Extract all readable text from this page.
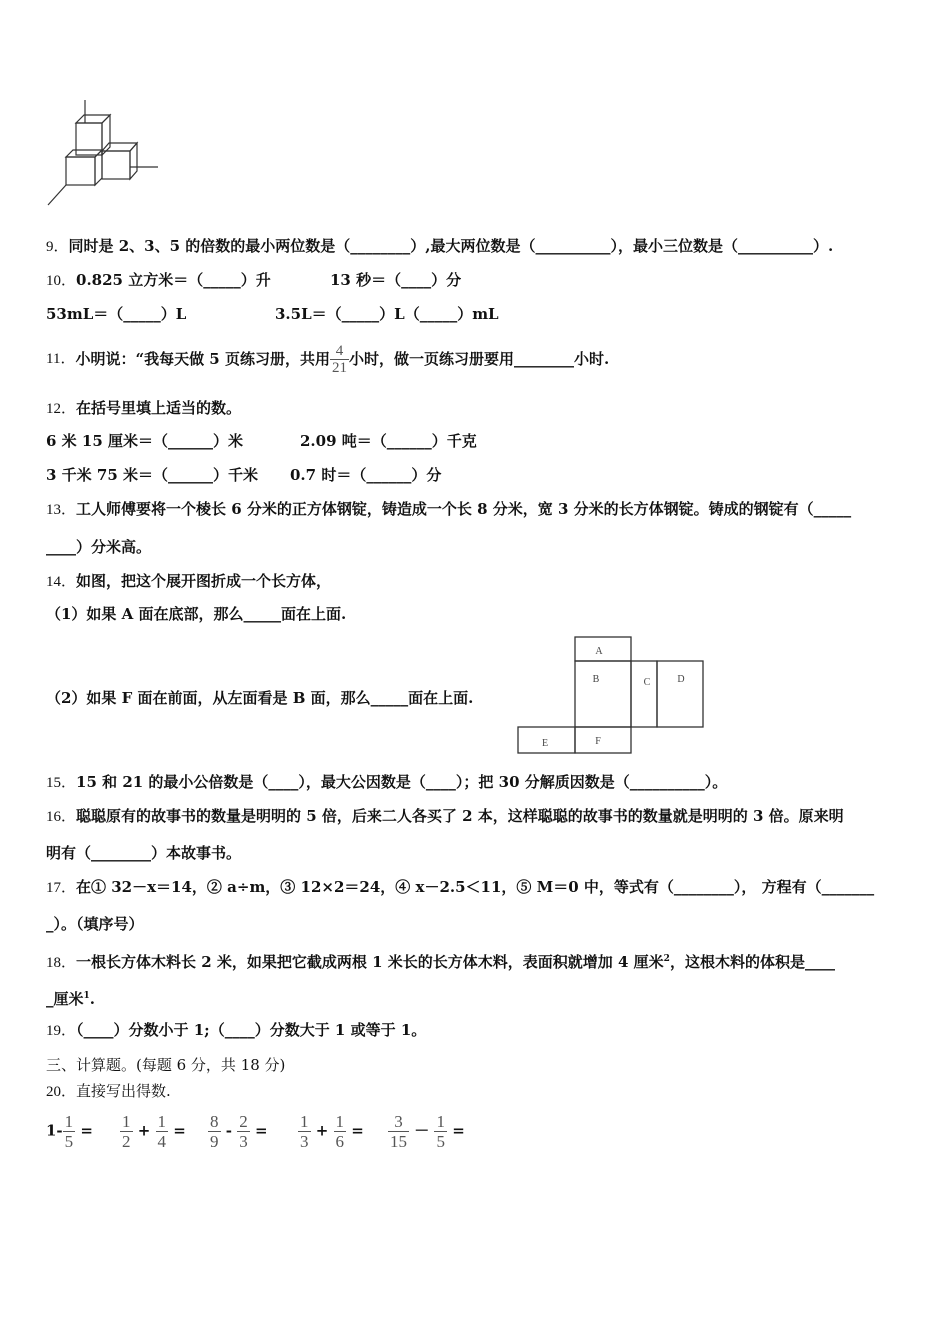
9．同时是 2、3、5 的倍数的最小两位数是（________）,最大两位数是（__________），最小三位数是（__________）.
10．0.825 立方米＝（_____）升	13 秒＝（____）分
53mL＝（_____）L	3.5L＝（_____）L（_____）mL
11． 小明说：“我每天做 5 页练习册，共用 $\frac{4}{21}$ 小时，做一页练习册要用________小时.
12．在括号里填上适当的数。
6 米 15 厘米＝（______）米	2.09 吨＝（______）千克
3 千米 75 米＝（______）千米 0.7 时＝（______）分
13．工人师傅要将一个棱长 6 分米的正方体钢锭，铸造成一个长 8 分米，宽 3 分米的长方体钢锭。铸成的钢锭有（_____
____）分米高。
14．如图，把这个展开图折成一个长方体，
（1）如果 A 面在底部，那么_____面在上面.
（2）如果 F 面在前面，从左面看是 B 面，那么_____面在上面.
A
B	C	D
E	F
15．15 和 21 的最小公倍数是（____），最大公因数是（____）；把 30 分解质因数是（__________）。
16．聪聪原有的故事书的数量是明明的 5 倍，后来二人各买了 2 本，这样聪聪的故事书的数量就是明明的 3 倍。原来明
明有（________）本故事书。
17．在① 32－x＝14，② a÷m，③ 12×2＝24，④ x－2.5＜11，⑤ M＝0 中，等式有（________）， 方程有（_______
_）。（填序号）
18．一根长方体木料长 2 米，如果把它截成两根 1 米长的长方体木料，表面积就增加 4 厘米$^2$，这根木料的体积是____
_厘米$^1$.
19．（____）分数小于 1;（____）分数大于 1 或等于 1。
三、计算题。(每题 6 分，共 18 分)
20．直接写出得数.
$1- \frac{1}{5} = \frac{1}{2} + \frac{1}{4} = \frac{8}{9} - \frac{2}{3} = \frac{1}{3} + \frac{1}{6} = \frac{3}{15} - \frac{1}{5}$ =
